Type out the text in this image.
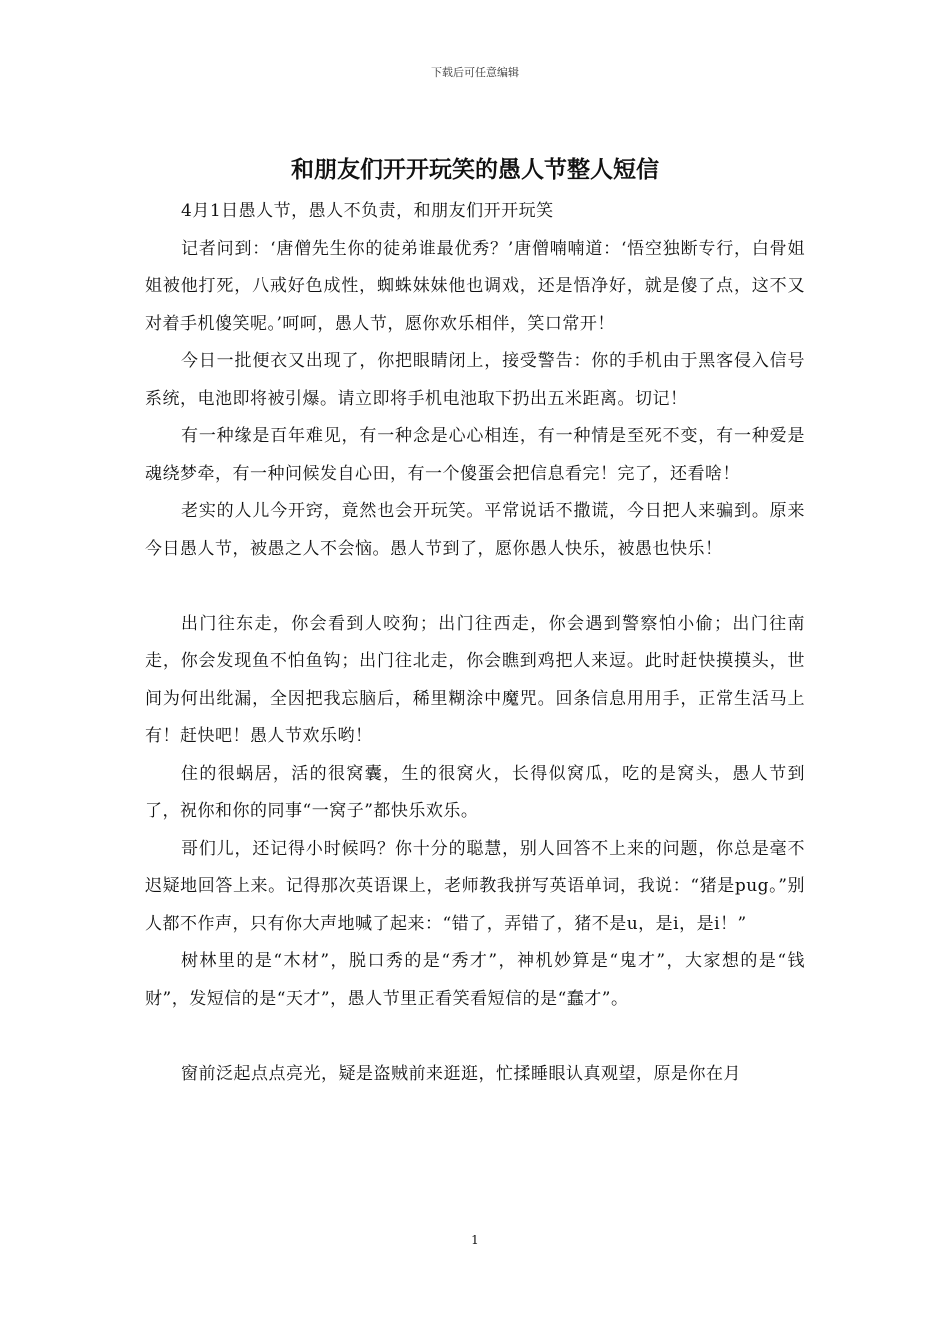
下载后可任意编辑
和朋友们开开玩笑的愚人节整人短信

4月1日愚人节，愚人不负责，和朋友们开开玩笑

记者问到：‘唐僧先生你的徒弟谁最优秀？’唐僧喃喃道：‘悟空独断专行，白骨姐姐被他打死，八戒好色成性，蜘蛛妹妹他也调戏，还是悟净好，就是傻了点，这不又对着手机傻笑呢。’呵呵，愚人节，愿你欢乐相伴，笑口常开！

今日一批便衣又出现了，你把眼睛闭上，接受警告：你的手机由于黑客侵入信号系统，电池即将被引爆。请立即将手机电池取下扔出五米距离。切记！

有一种缘是百年难见，有一种念是心心相连，有一种情是至死不变，有一种爱是魂绕梦牵，有一种问候发自心田，有一个傻蛋会把信息看完！完了，还看啥！

老实的人儿今开窍，竟然也会开玩笑。平常说话不撒谎，今日把人来骗到。原来今日愚人节，被愚之人不会恼。愚人节到了，愿你愚人快乐，被愚也快乐！

出门往东走，你会看到人咬狗；出门往西走，你会遇到警察怕小偷；出门往南走，你会发现鱼不怕鱼钩；出门往北走，你会瞧到鸡把人来逗。此时赶快摸摸头，世间为何出纰漏，全因把我忘脑后，稀里糊涂中魔咒。回条信息用用手，正常生活马上有！赶快吧！愚人节欢乐哟！

住的很蜗居，活的很窝囊，生的很窝火，长得似窝瓜，吃的是窝头，愚人节到了，祝你和你的同事“一窝子”都快乐欢乐。

哥们儿，还记得小时候吗？你十分的聪慧，别人回答不上来的问题，你总是毫不迟疑地回答上来。记得那次英语课上，老师教我拼写英语单词，我说：“猪是pug。”别人都不作声，只有你大声地喊了起来：“错了，弄错了，猪不是u，是i，是i！”

树林里的是“木材”，脱口秀的是“秀才”，神机妙算是“鬼才”，大家想的是“钱财”，发短信的是“天才”，愚人节里正看笑看短信的是“蠢才”。

窗前泛起点点亮光，疑是盗贼前来逛逛，忙揉睡眼认真观望，原是你在月

1
